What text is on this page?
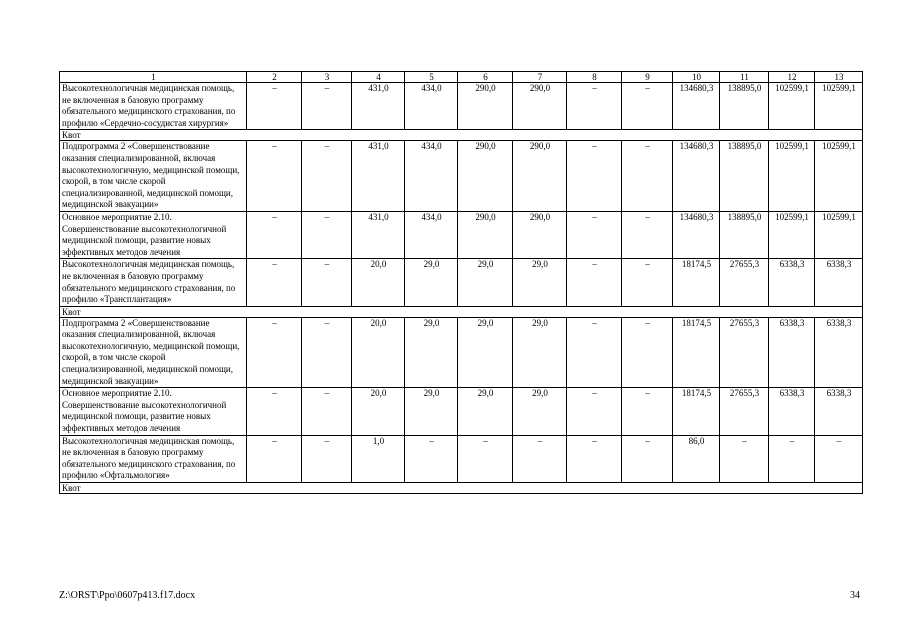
1	2	3	4	5	6	7	8	9	10	11	12	13
Высокотехнологичная медицинская помощь, не включенная в базовую программу обязательного медицинского страхования, по профилю «Сердечно-сосудистая хирургия»	–	–	431,0	434,0	290,0	290,0	–	–	134680,3	138895,0	102599,1	102599,1
Квот												
Подпрограмма 2 «Совершенствование оказания специализированной, включая высокотехнологичную, медицинской помощи, скорой, в том числе скорой специализированной, медицинской помощи, медицинской эвакуации»	–	–	431,0	434,0	290,0	290,0	–	–	134680,3	138895,0	102599,1	102599,1
Основное мероприятие 2.10. Совершенствование высокотехнологичной медицинской помощи, развитие новых эффективных методов лечения	–	–	431,0	434,0	290,0	290,0	–	–	134680,3	138895,0	102599,1	102599,1
Высокотехнологичная медицинская помощь, не включенная в базовую программу обязательного медицинского страхования, по профилю «Трансплантация»	–	–	20,0	29,0	29,0	29,0	–	–	18174,5	27655,3	6338,3	6338,3
Квот												
Подпрограмма 2 «Совершенствование оказания специализированной, включая высокотехнологичную, медицинской помощи, скорой, в том числе скорой специализированной, медицинской помощи, медицинской эвакуации»	–	–	20,0	29,0	29,0	29,0	–	–	18174,5	27655,3	6338,3	6338,3
Основное мероприятие 2.10. Совершенствование высокотехнологичной медицинской помощи, развитие новых эффективных методов лечения	–	–	20,0	29,0	29,0	29,0	–	–	18174,5	27655,3	6338,3	6338,3
Высокотехнологичная медицинская помощь, не включенная в базовую программу обязательного медицинского страхования, по профилю «Офтальмология»	–	–	1,0	–	–	–	–	–	86,0	–	–	–
Квот												
Z:\ORST\Ppo\0607p413.f17.docx	34
